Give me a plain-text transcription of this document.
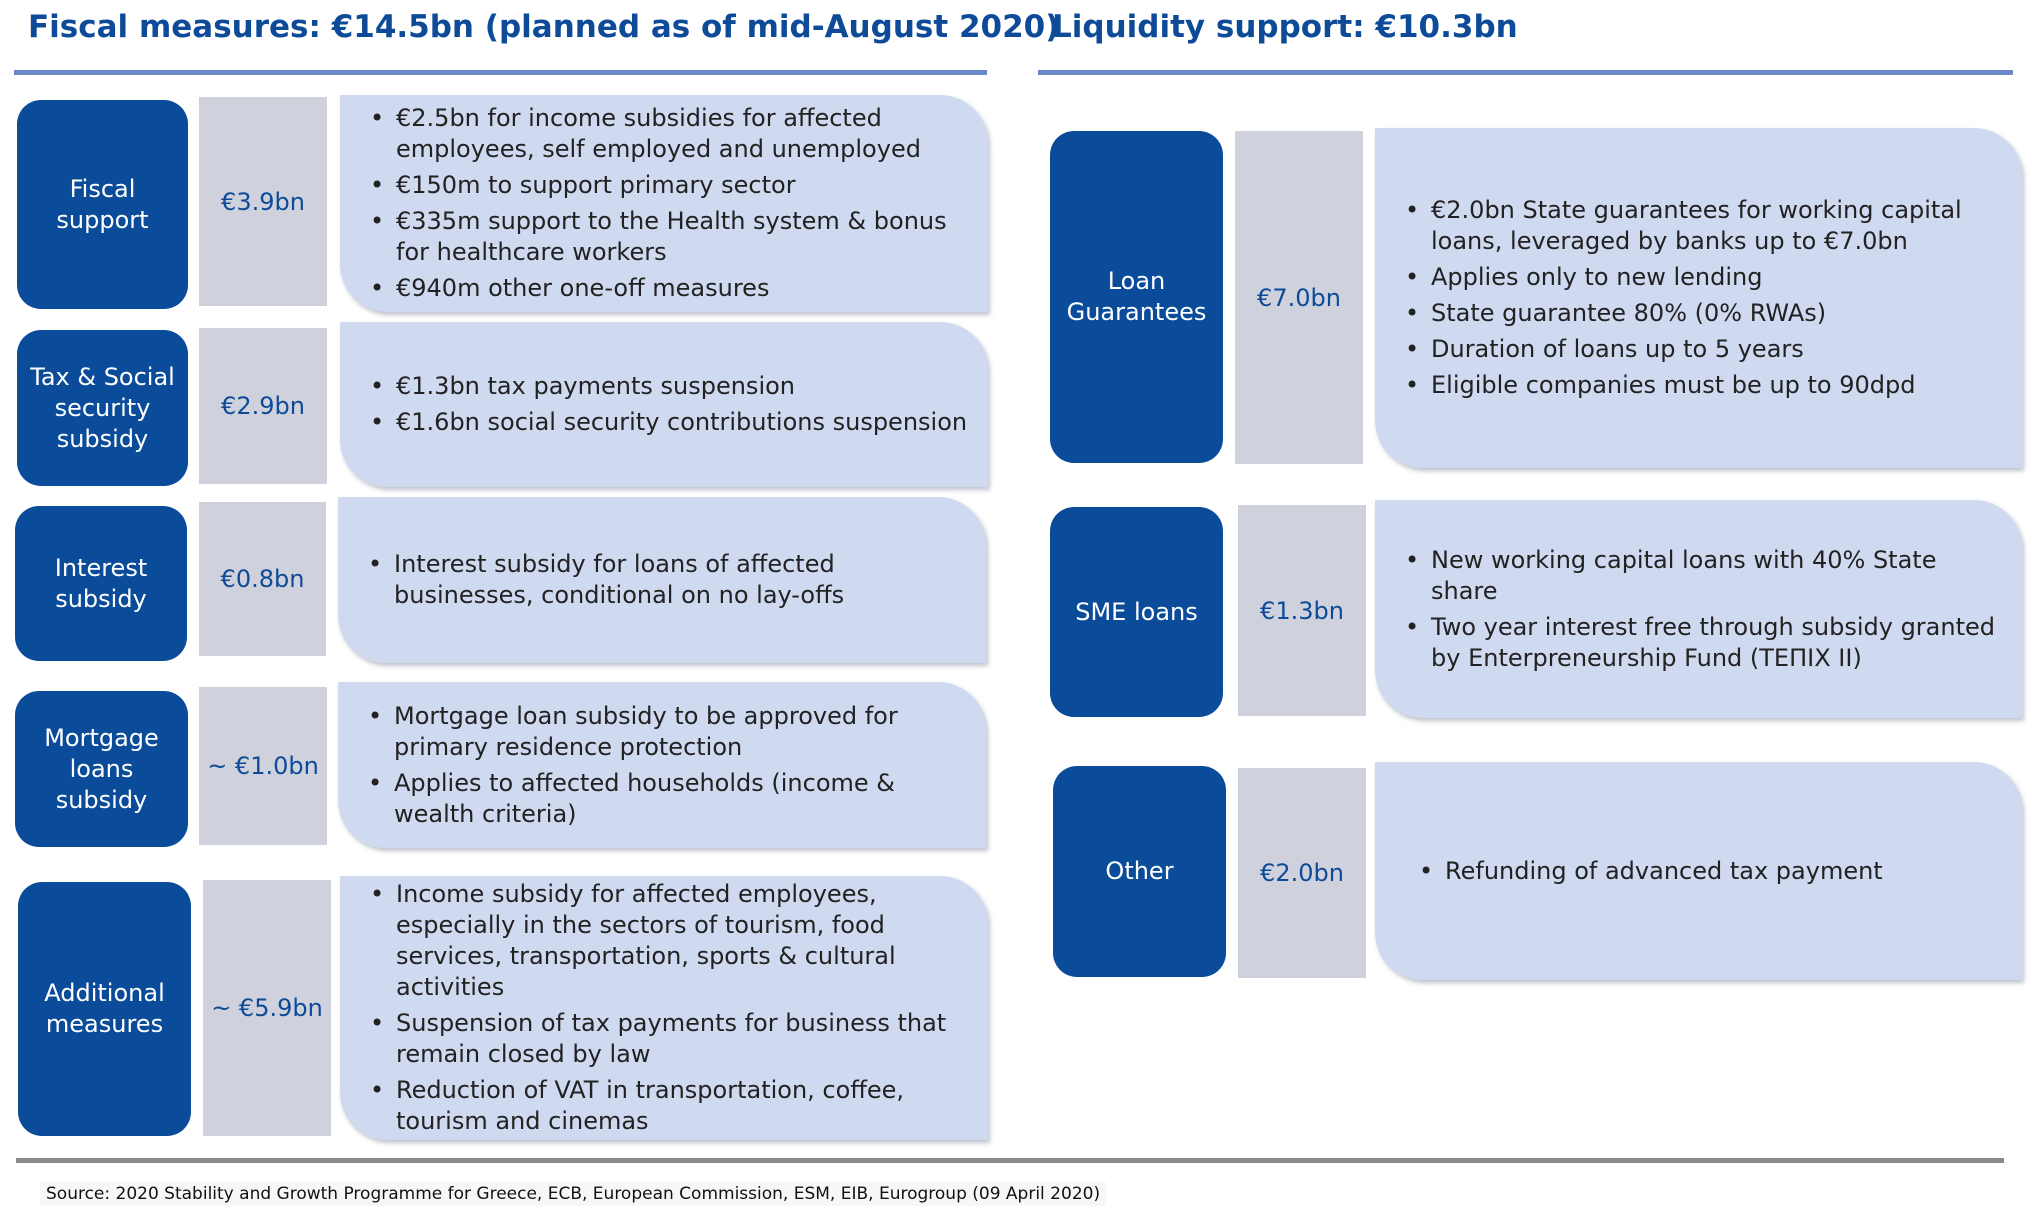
Fiscal measures: €14.5bn (planned as of mid-August 2020)
Liquidity support: €10.3bn
Fiscal
support
€3.9bn
• €2.5bn for income subsidies for affected employees, self employed and unemployed
• €150m to support primary sector
• €335m support to the Health system & bonus for healthcare workers
• €940m other one-off measures
Tax & Social
security
subsidy
€2.9bn
• €1.3bn tax payments suspension
• €1.6bn social security contributions suspension
Interest
subsidy
€0.8bn
• Interest subsidy for loans of affected businesses, conditional on no lay-offs
Mortgage
loans
subsidy
~ €1.0bn
• Mortgage loan subsidy to be approved for primary residence protection
• Applies to affected households (income & wealth criteria)
Additional
measures
~ €5.9bn
• Income subsidy for affected employees, especially in the sectors of tourism, food services, transportation, sports & cultural activities
• Suspension of tax payments for business that remain closed by law
• Reduction of VAT in transportation, coffee, tourism and cinemas
Loan
Guarantees
€7.0bn
• €2.0bn State guarantees for working capital loans, leveraged by banks up to €7.0bn
• Applies only to new lending
• State guarantee 80% (0% RWAs)
• Duration of loans up to 5 years
• Eligible companies must be up to 90dpd
SME loans	€1.3bn
• New working capital loans with 40% State share
• Two year interest free through subsidy granted by Enterpreneurship Fund (ΤΕΠΙΧ ΙΙ)
Other	€2.0bn
•	Refunding of advanced tax payment
Source: 2020 Stability and Growth Programme for Greece, ECB, European Commission, ESM, EIB, Eurogroup (09 April 2020)
